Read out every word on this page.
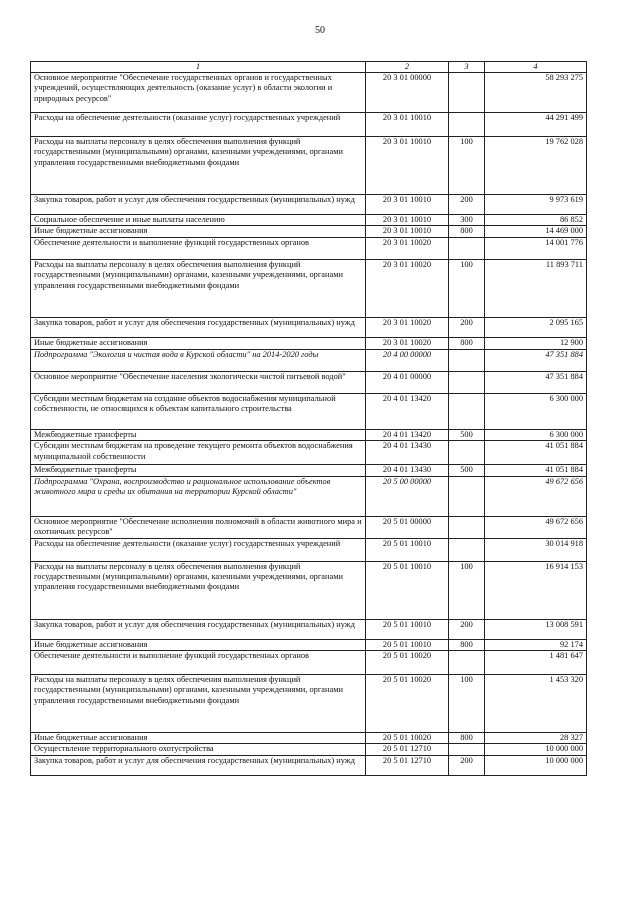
50
1	2	3	4
Основное мероприятие "Обеспечение государственных органов и государственных учреждений, осуществляющих деятельность (оказание услуг) в области экологии и природных ресурсов"	20 3 01 00000		58 293 275
Расходы на обеспечение деятельности (оказание услуг) государственных учреждений	20 3 01 10010		44 291 499
Расходы на выплаты персоналу в целях обеспечения выполнения функций государственными (муниципальными) органами, казенными учреждениями, органами управления государственными внебюджетными фондами	20 3 01 10010	100	19 762 028
Закупка товаров, работ и услуг для обеспечения государственных (муниципальных) нужд	20 3 01 10010	200	9 973 619
Социальное обеспечение и иные выплаты населению	20 3 01 10010	300	86 852
Иные бюджетные ассигнования	20 3 01 10010	800	14 469 000
Обеспечение деятельности и выполнение функций государственных органов	20 3 01 10020		14 001 776
Расходы на выплаты персоналу в целях обеспечения выполнения функций государственными (муниципальными) органами, казенными учреждениями, органами управления государственными внебюджетными фондами	20 3 01 10020	100	11 893 711
Закупка товаров, работ и услуг для обеспечения государственных (муниципальных) нужд	20 3 01 10020	200	2 095 165
Иные бюджетные ассигнования	20 3 01 10020	800	12 900
Подпрограмма "Экология и чистая вода в Курской области" на 2014-2020 годы	20 4 00 00000		47 351 884
Основное мероприятие "Обеспечение населения экологически чистой питьевой водой"	20 4 01 00000		47 351 884
Субсидии местным бюджетам на создание объектов водоснабжения муниципальной собственности, не относящихся к объектам капитального строительства	20 4 01 13420		6 300 000
Межбюджетные трансферты	20 4 01 13420	500	6 300 000
Субсидии местным бюджетам на проведение текущего ремонта объектов водоснабжения муниципальной собственности	20 4 01 13430		41 051 884
Межбюджетные трансферты	20 4 01 13430	500	41 051 884
Подпрограмма "Охрана, воспроизводство и рациональное использование объектов животного мира и среды их обитания на территории Курской области"	20 5 00 00000		49 672 656
Основное мероприятие "Обеспечение исполнения полномочий в области животного мира и охотничьих ресурсов"	20 5 01 00000		49 672 656
Расходы на обеспечение деятельности (оказание услуг) государственных учреждений	20 5 01 10010		30 014 918
Расходы на выплаты персоналу в целях обеспечения выполнения функций государственными (муниципальными) органами, казенными учреждениями, органами управления государственными внебюджетными фондами	20 5 01 10010	100	16 914 153
Закупка товаров, работ и услуг для обеспечения государственных (муниципальных) нужд	20 5 01 10010	200	13 008 591
Иные бюджетные ассигнования	20 5 01 10010	800	92 174
Обеспечение деятельности и выполнение функций государственных органов	20 5 01 10020		1 481 647
Расходы на выплаты персоналу в целях обеспечения выполнения функций государственными (муниципальными) органами, казенными учреждениями, органами управления государственными внебюджетными фондами	20 5 01 10020	100	1 453 320
Иные бюджетные ассигнования	20 5 01 10020	800	28 327
Осуществление территориального охотустройства	20 5 01 12710		10 000 000
Закупка товаров, работ и услуг для обеспечения государственных (муниципальных) нужд	20 5 01 12710	200	10 000 000
